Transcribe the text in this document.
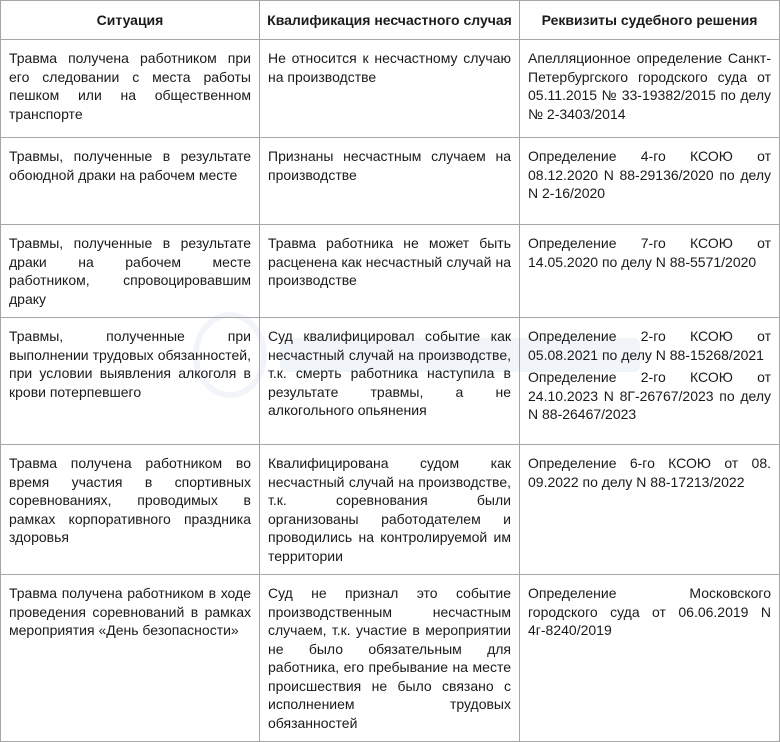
Ситуация	Квалификация несчастного случая	Реквизиты судебного решения
Травма получена работником при его следовании с места работы пешком или на общественном транспорте	Не относится к несчастному случаю на производстве	Апелляционное определение Санкт-Петербургского городского суда от 05.11.2015 № 33-19382/2015 по делу № 2-3403/2014

Травмы, полученные в результате обоюдной драки на рабочем месте	Признаны несчастным случаем на производстве	Определение 4-го КСОЮ от 08.12.2020 N 88-29136/2020 по делу N 2-16/2020

Травмы, полученные в результате драки на рабочем месте работником, спровоцировавшим драку	Травма работника не может быть расценена как несчастный случай на производстве	Определение 7-го КСОЮ от 14.05.2020 по делу N 88-5571/2020

Травмы, полученные при выполнении трудовых обязанностей, при условии выявления алкоголя в крови потерпевшего	Суд квалифицировал событие как несчастный случай на производстве, т.к. смерть работника наступила в результате травмы, а не алкогольного опьянения	Определение 2-го КСОЮ от 05.08.2021 по делу N 88-15268/2021
Определение 2-го КСОЮ от 24.10.2023 N 8Г-26767/2023 по делу N 88-26467/2023

Травма получена работником во время участия в спортивных соревнованиях, проводимых в рамках корпоративного праздника здоровья	Квалифицирована судом как несчастный случай на производстве, т.к. соревнования были организованы работодателем и проводились на контролируемой им территории	Определение 6-го КСОЮ от 08. 09.2022 по делу N 88-17213/2022

Травма получена работником в ходе проведения соревнований в рамках мероприятия «День безопасности»	Суд не признал это событие производственным несчастным случаем, т.к. участие в мероприятии не было обязательным для работника, его пребывание на месте происшествия не было связано с исполнением трудовых обязанностей	Определение Московского городского суда от 06.06.2019 N 4г-8240/2019
